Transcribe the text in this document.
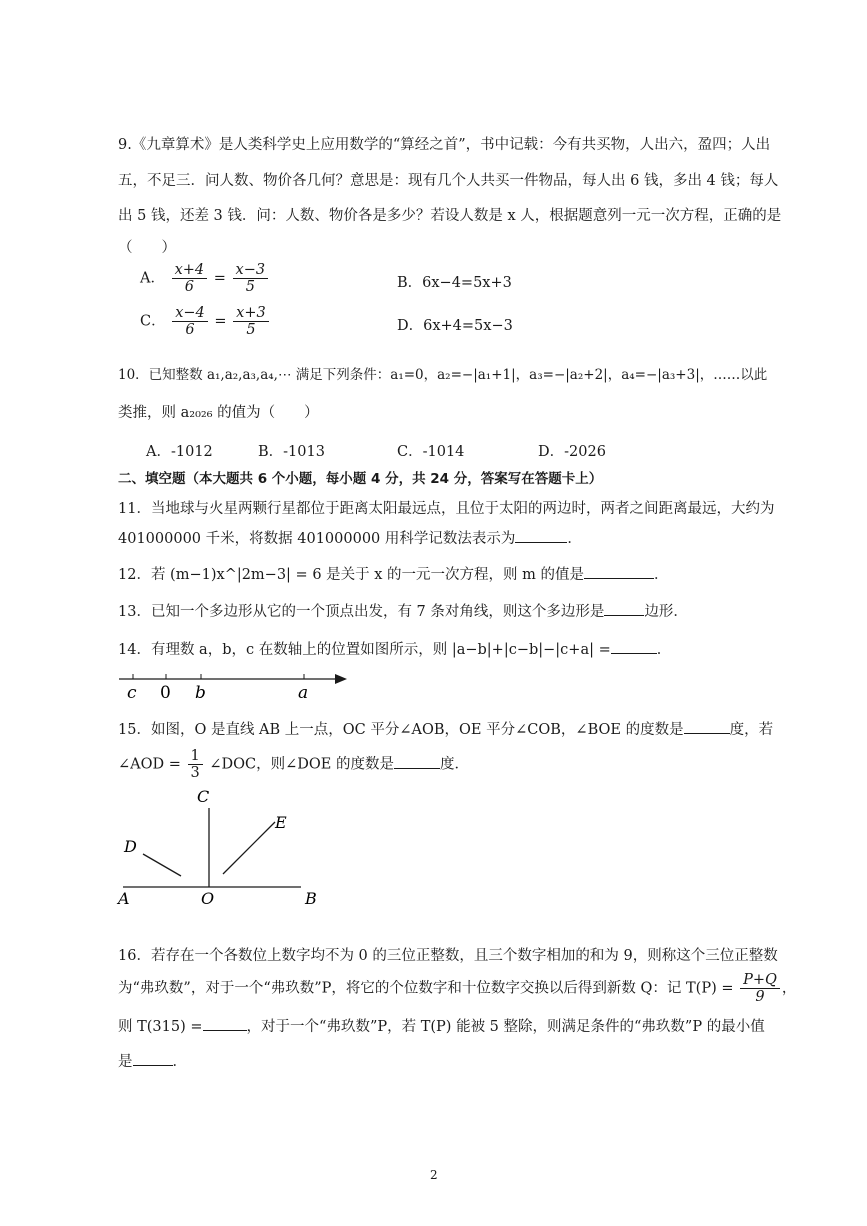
9.《九章算术》是人类科学史上应用数学的“算经之首”，书中记载：今有共买物，人出六，盈四；人出
五，不足三．问人数、物价各几何？意思是：现有几个人共买一件物品，每人出 6 钱，多出 4 钱；每人
出 5 钱，还差 3 钱．问：人数、物价各是多少？若设人数是 x 人，根据题意列一元一次方程，正确的是
（　　）
A． $\frac{x+4}{6} = \frac{x-3}{5}$	B．6x−4=5x+3
C． $\frac{x-4}{6} = \frac{x+3}{5}$	D．6x+4=5x−3
10．已知整数 a₁,a₂,a₃,a₄,⋯ 满足下列条件：a₁=0，a₂=−|a₁+1|，a₃=−|a₂+2|，a₄=−|a₃+3|，……以此
类推，则 a₂₀₂₆ 的值为（　　）
A．-1012	B．-1013	C．-1014	D．-2026
二、填空题（本大题共 6 个小题，每小题 4 分，共 24 分，答案写在答题卡上）
11．当地球与火星两颗行星都位于距离太阳最远点，且位于太阳的两边时，两者之间距离最远，大约为
401000000 千米，将数据 401000000 用科学记数法表示为	．
12．若 (m−1)x^|2m−3| = 6 是关于 x 的一元一次方程，则 m 的值是	．
13．已知一个多边形从它的一个顶点出发，有 7 条对角线，则这个多边形是	边形．
14．有理数 a，b，c 在数轴上的位置如图所示，则 |a−b|+|c−b|−|c+a| =	．
c 0 b	a
15．如图，O 是直线 AB 上一点，OC 平分∠AOB，OE 平分∠COB，∠BOE 的度数是	度，若
∠AOD = $\frac{1}{3}$ ∠DOC，则∠DOE 的度数是	度．
C
E
D
A	O	B
16．若存在一个各数位上数字均不为 0 的三位正整数，且三个数字相加的和为 9，则称这个三位正整数
为“弗玖数”，对于一个“弗玖数”P，将它的个位数字和十位数字交换以后得到新数 Q：记 $T(P) = \frac{P+Q}{9}$ ，
则 T(315) =	，对于一个“弗玖数”P，若 T(P) 能被 5 整除，则满足条件的“弗玖数”P 的最小值
是	．
2
